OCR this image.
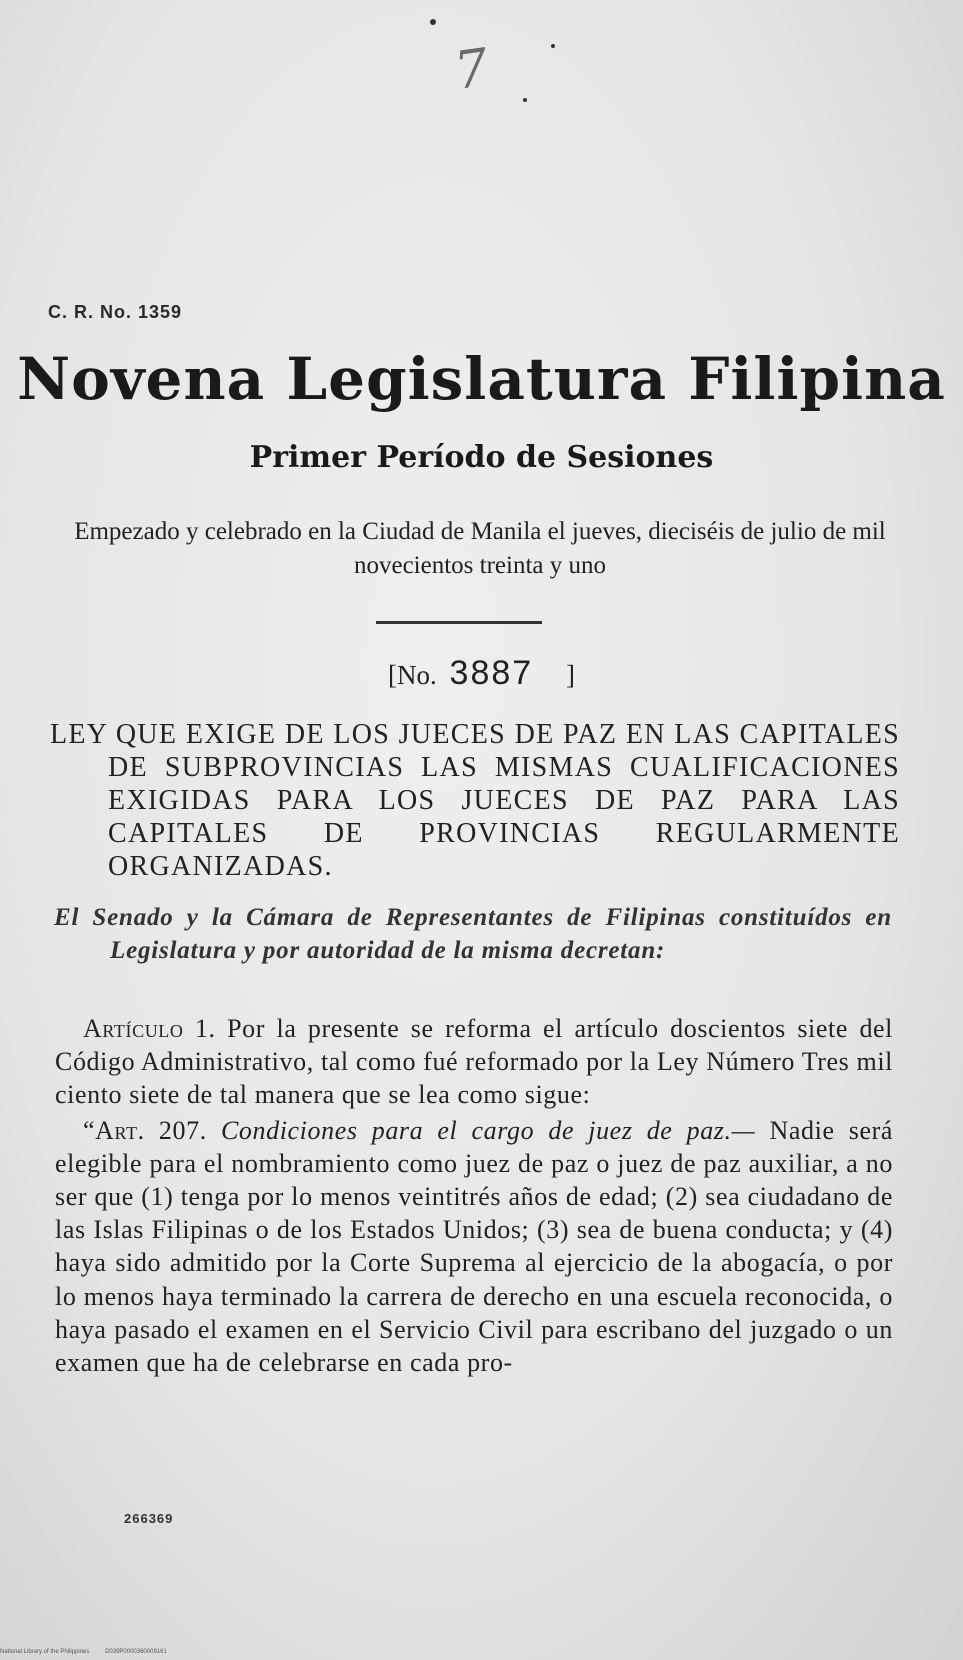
7
C. R. No. 1359
Novena Legislatura Filipina
Primer Período de Sesiones
Empezado y celebrado en la Ciudad de Manila el jueves, dieciséis de julio de mil novecientos treinta y uno
[No. 3887 ]

LEY QUE EXIGE DE LOS JUECES DE PAZ EN LAS CAPITALES DE SUBPROVINCIAS LAS MISMAS CUALIFICACIONES EXIGIDAS PARA LOS JUECES DE PAZ PARA LAS CAPITALES DE PROVINCIAS REGULARMENTE ORGANIZADAS.

El Senado y la Cámara de Representantes de Filipinas constituídos en Legislatura y por autoridad de la misma decretan:

Artículo 1. Por la presente se reforma el artículo doscientos siete del Código Administrativo, tal como fué reformado por la Ley Número Tres mil ciento siete de tal manera que se lea como sigue:

“Art. 207. Condiciones para el cargo de juez de paz.— Nadie será elegible para el nombramiento como juez de paz o juez de paz auxiliar, a no ser que (1) tenga por lo menos veintitrés años de edad; (2) sea ciudadano de las Islas Filipinas o de los Estados Unidos; (3) sea de buena conducta; y (4) haya sido admitido por la Corte Suprema al ejercicio de la abogacía, o por lo menos haya terminado la carrera de derecho en una escuela reconocida, o haya pasado el examen en el Servicio Civil para escribano del juzgado o un examen que ha de celebrarse en cada pro-

266369
National Library of the Philippines	D039P0000360009161
